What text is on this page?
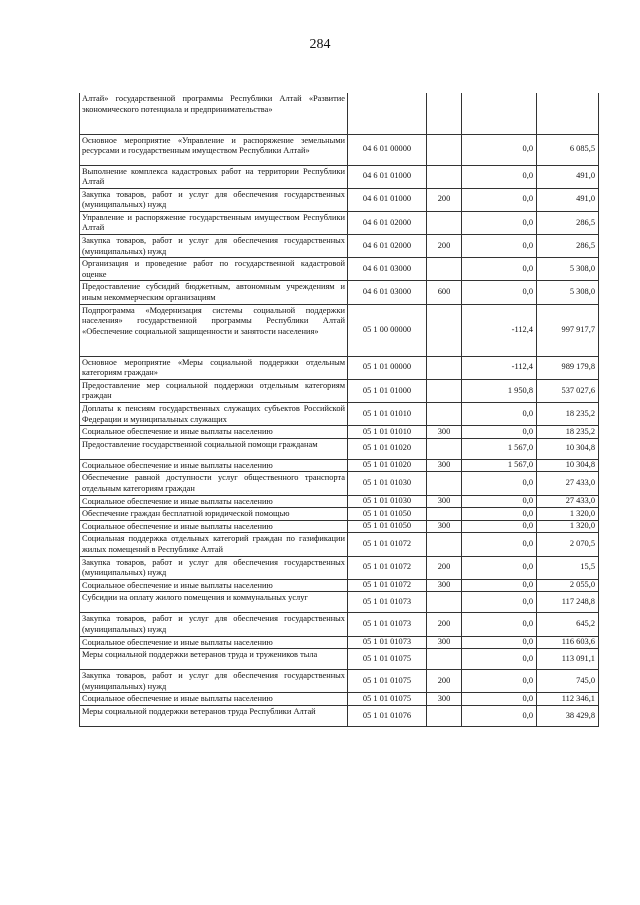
284
Алтай» государственной программы Республики Алтай «Развитие экономического потенциала и предпринимательства»				
Основное мероприятие «Управление и распоряжение земельными ресурсами и государственным имуществом Республики Алтай»	04 6 01 00000		0,0	6 085,5
Выполнение комплекса кадастровых работ на территории Республики Алтай	04 6 01 01000		0,0	491,0
Закупка товаров, работ и услуг для обеспечения государственных (муниципальных) нужд	04 6 01 01000	200	0,0	491,0
Управление и распоряжение государственным имуществом Республики Алтай	04 6 01 02000		0,0	286,5
Закупка товаров, работ и услуг для обеспечения государственных (муниципальных) нужд	04 6 01 02000	200	0,0	286,5
Организация и проведение работ по государственной кадастровой оценке	04 6 01 03000		0,0	5 308,0
Предоставление субсидий бюджетным, автономным учреждениям и иным некоммерческим организациям	04 6 01 03000	600	0,0	5 308,0
Подпрограмма «Модернизация системы социальной поддержки населения» государственной программы Республики Алтай «Обеспечение социальной защищенности и занятости населения»	05 1 00 00000		-112,4	997 917,7
Основное мероприятие «Меры социальной поддержки отдельным категориям граждан»	05 1 01 00000		-112,4	989 179,8
Предоставление мер социальной поддержки отдельным категориям граждан	05 1 01 01000		1 950,8	537 027,6
Доплаты к пенсиям государственных служащих субъектов Российской Федерации и муниципальных служащих	05 1 01 01010		0,0	18 235,2
Социальное обеспечение и иные выплаты населению	05 1 01 01010	300	0,0	18 235,2
Предоставление государственной социальной помощи гражданам	05 1 01 01020		1 567,0	10 304,8
Социальное обеспечение и иные выплаты населению	05 1 01 01020	300	1 567,0	10 304,8
Обеспечение равной доступности услуг общественного транспорта отдельным категориям граждан	05 1 01 01030		0,0	27 433,0
Социальное обеспечение и иные выплаты населению	05 1 01 01030	300	0,0	27 433,0
Обеспечение граждан бесплатной юридической помощью	05 1 01 01050		0,0	1 320,0
Социальное обеспечение и иные выплаты населению	05 1 01 01050	300	0,0	1 320,0
Социальная поддержка отдельных категорий граждан по газификации жилых помещений в Республике Алтай	05 1 01 01072		0,0	2 070,5
Закупка товаров, работ и услуг для обеспечения государственных (муниципальных) нужд	05 1 01 01072	200	0,0	15,5
Социальное обеспечение и иные выплаты населению	05 1 01 01072	300	0,0	2 055,0
Субсидии на оплату жилого помещения и коммунальных услуг	05 1 01 01073		0,0	117 248,8
Закупка товаров, работ и услуг для обеспечения государственных (муниципальных) нужд	05 1 01 01073	200	0,0	645,2
Социальное обеспечение и иные выплаты населению	05 1 01 01073	300	0,0	116 603,6
Меры социальной поддержки ветеранов труда и тружеников тыла	05 1 01 01075		0,0	113 091,1
Закупка товаров, работ и услуг для обеспечения государственных (муниципальных) нужд	05 1 01 01075	200	0,0	745,0
Социальное обеспечение и иные выплаты населению	05 1 01 01075	300	0,0	112 346,1
Меры социальной поддержки ветеранов труда Республики Алтай	05 1 01 01076		0,0	38 429,8
